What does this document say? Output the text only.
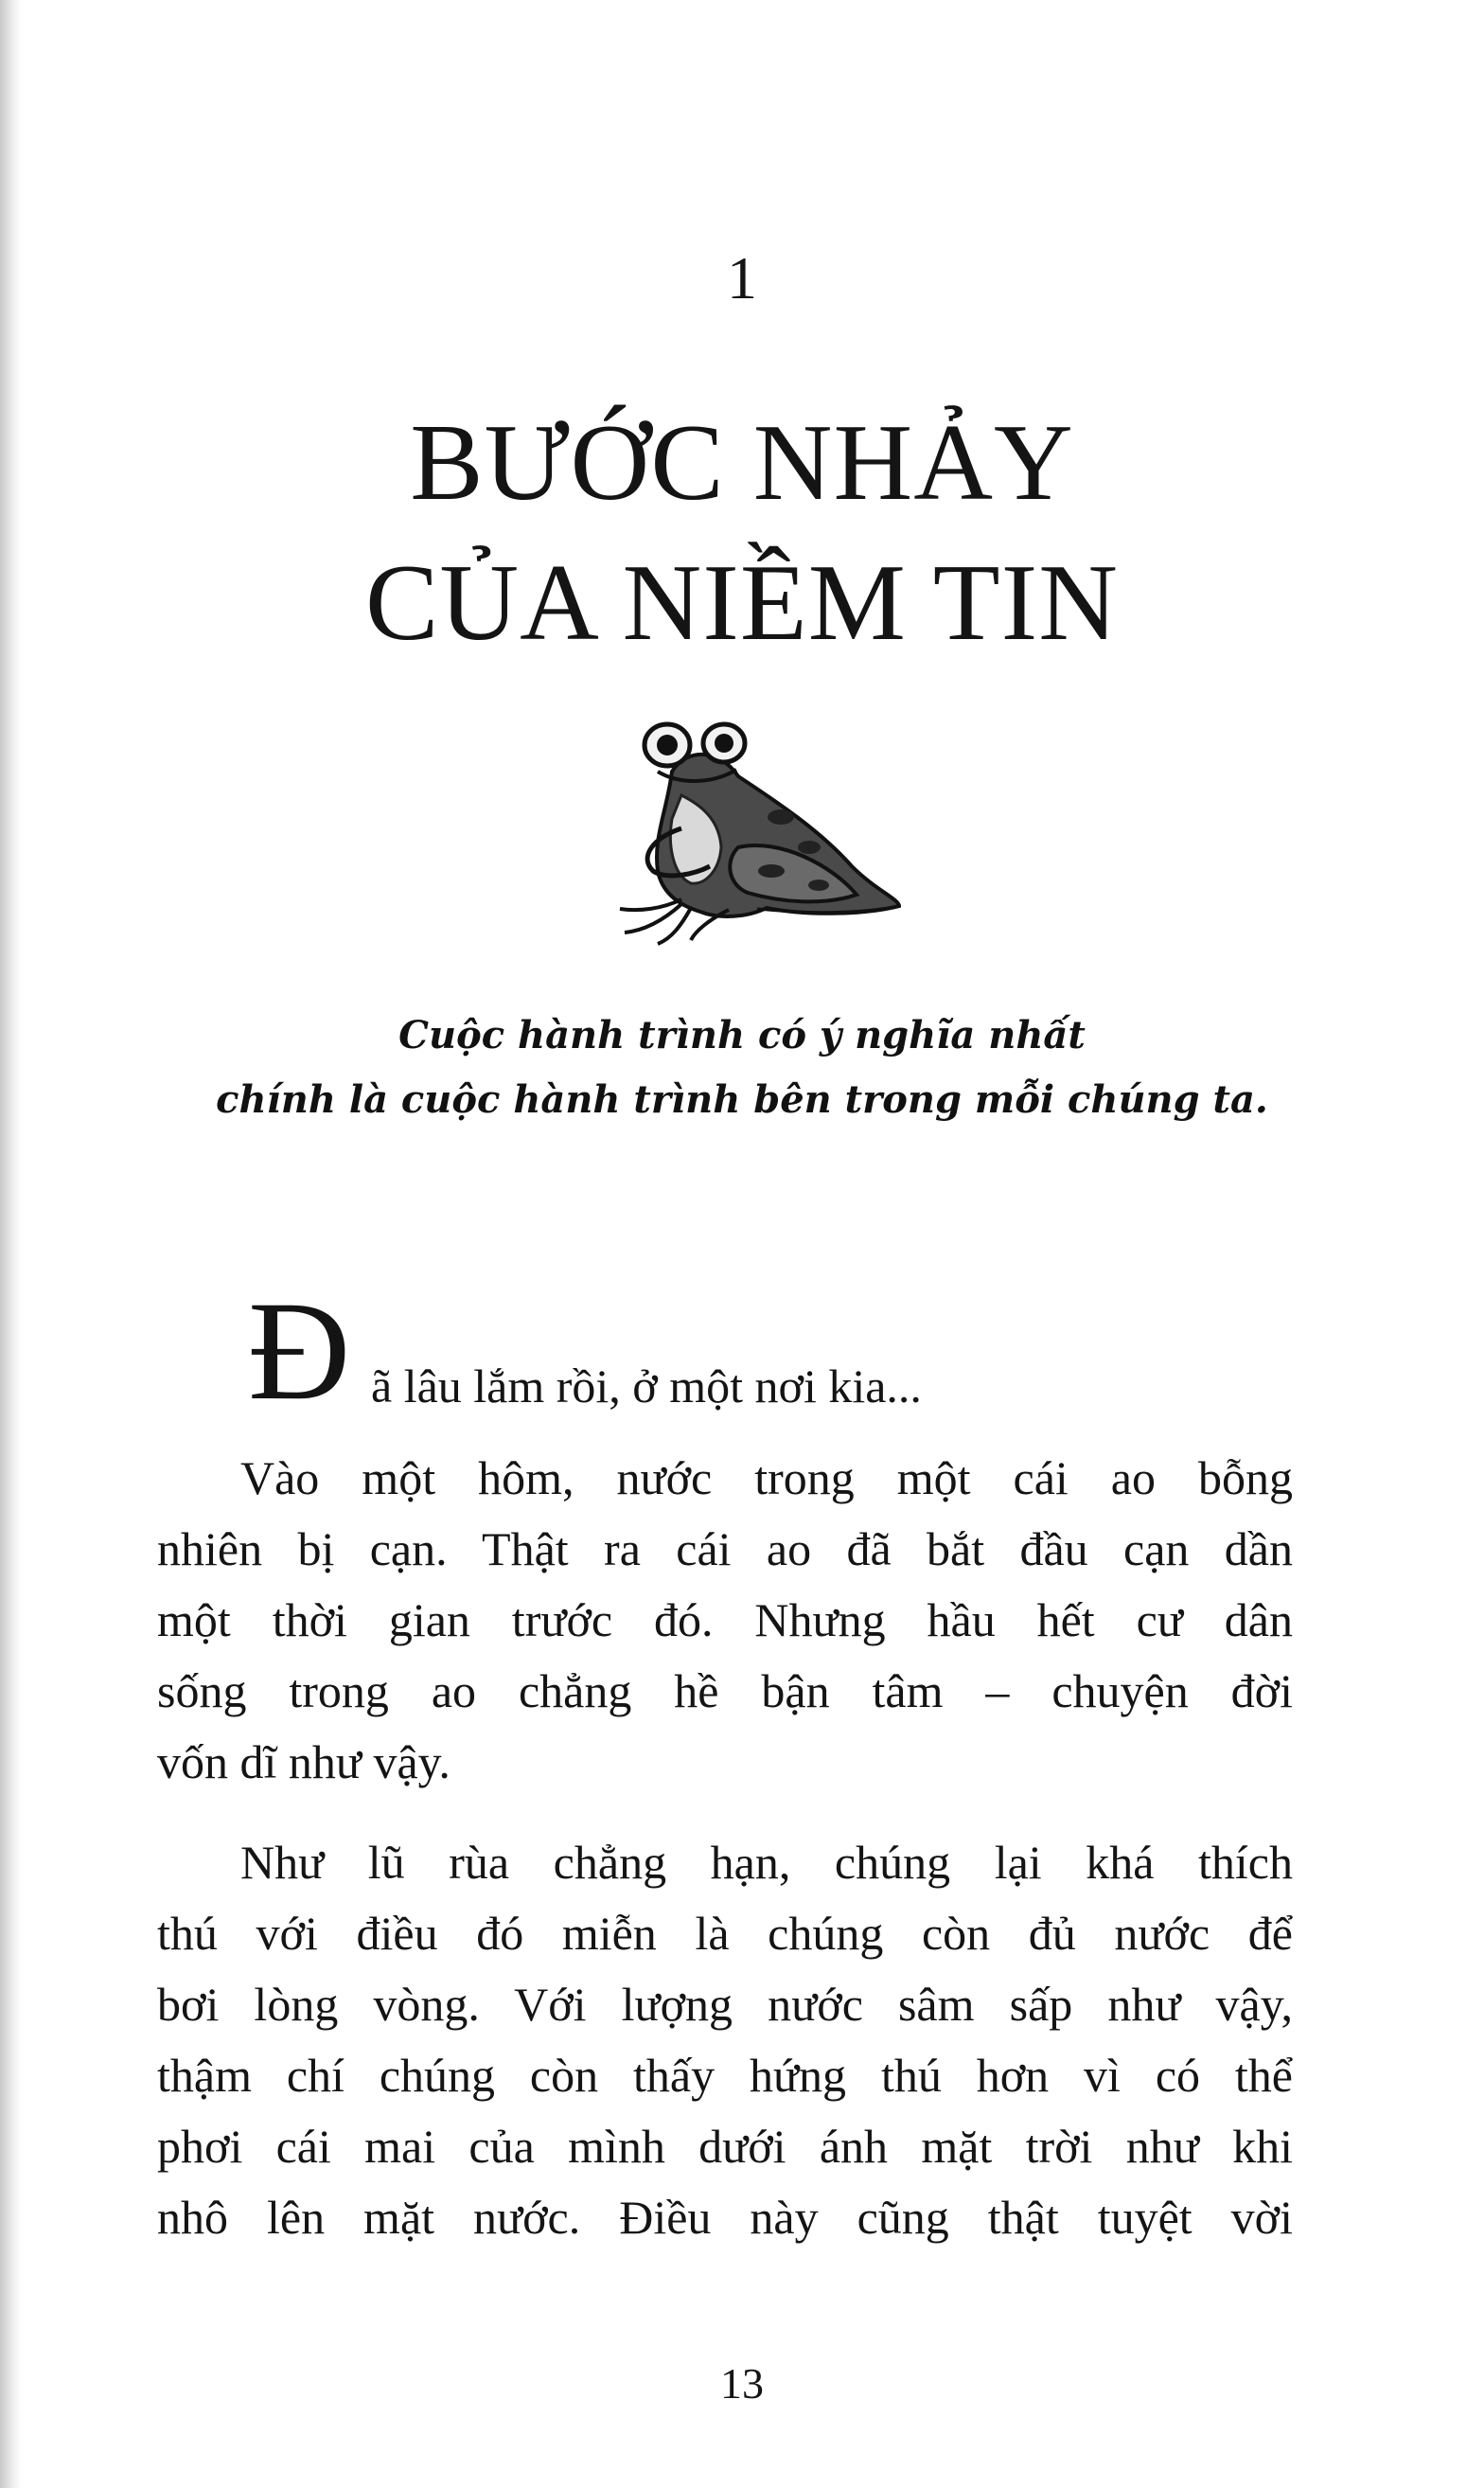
1
BƯỚC NHẢY
CỦA NIỀM TIN
Cuộc hành trình có ý nghĩa nhất
chính là cuộc hành trình bên trong mỗi chúng ta.
Đ ã lâu lắm rồi, ở một nơi kia...
Vào một hôm, nước trong một cái ao bỗng
nhiên bị cạn. Thật ra cái ao đã bắt đầu cạn dần
một thời gian trước đó. Nhưng hầu hết cư dân
sống trong ao chẳng hề bận tâm – chuyện đời
vốn dĩ như vậy.
Như lũ rùa chẳng hạn, chúng lại khá thích
thú với điều đó miễn là chúng còn đủ nước để
bơi lòng vòng. Với lượng nước sâm sấp như vậy,
thậm chí chúng còn thấy hứng thú hơn vì có thể
phơi cái mai của mình dưới ánh mặt trời như khi
nhô lên mặt nước. Điều này cũng thật tuyệt vời
13
